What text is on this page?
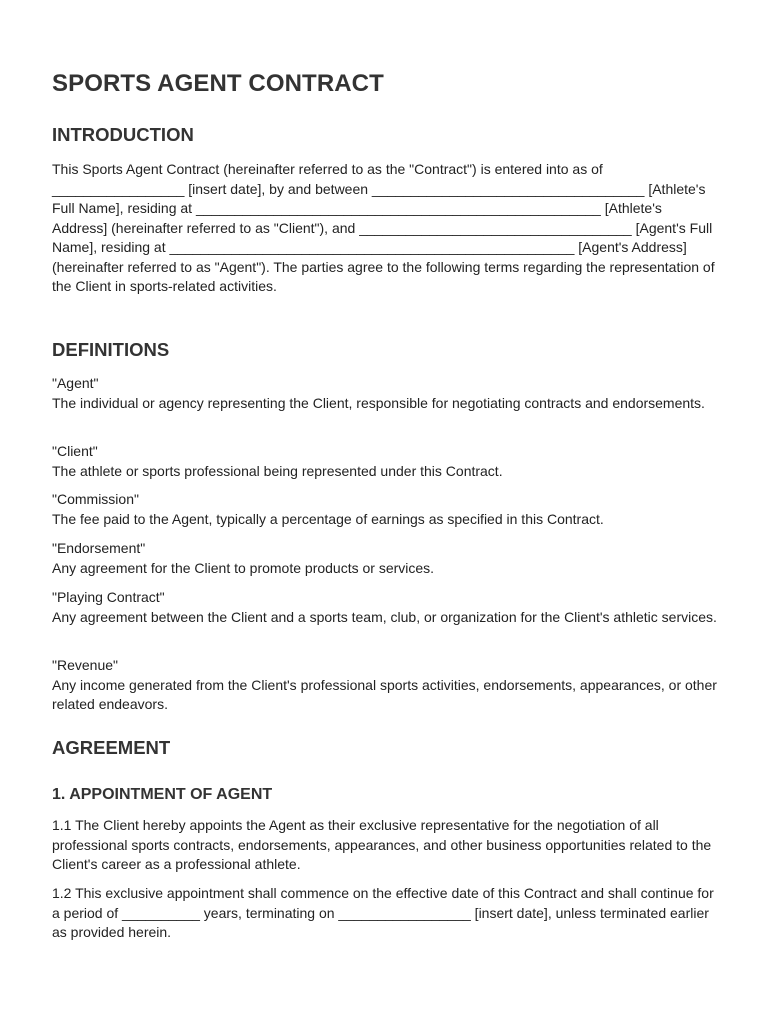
SPORTS AGENT CONTRACT
INTRODUCTION

This Sports Agent Contract (hereinafter referred to as the "Contract") is entered into as of _________________ [insert date], by and between ___________________________________ [Athlete's Full Name], residing at ____________________________________________________ [Athlete's Address] (hereinafter referred to as "Client"), and ___________________________________ [Agent's Full Name], residing at ____________________________________________________ [Agent's Address] (hereinafter referred to as "Agent"). The parties agree to the following terms regarding the representation of the Client in sports-related activities.

DEFINITIONS
"Agent"
The individual or agency representing the Client, responsible for negotiating contracts and endorsements.
"Client"
The athlete or sports professional being represented under this Contract.
"Commission"
The fee paid to the Agent, typically a percentage of earnings as specified in this Contract.
"Endorsement"
Any agreement for the Client to promote products or services.
"Playing Contract"
Any agreement between the Client and a sports team, club, or organization for the Client's athletic services.
"Revenue"
Any income generated from the Client's professional sports activities, endorsements, appearances, or other related endeavors.
AGREEMENT
1. APPOINTMENT OF AGENT

1.1 The Client hereby appoints the Agent as their exclusive representative for the negotiation of all professional sports contracts, endorsements, appearances, and other business opportunities related to the Client's career as a professional athlete.

1.2 This exclusive appointment shall commence on the effective date of this Contract and shall continue for a period of __________ years, terminating on _________________ [insert date], unless terminated earlier as provided herein.
